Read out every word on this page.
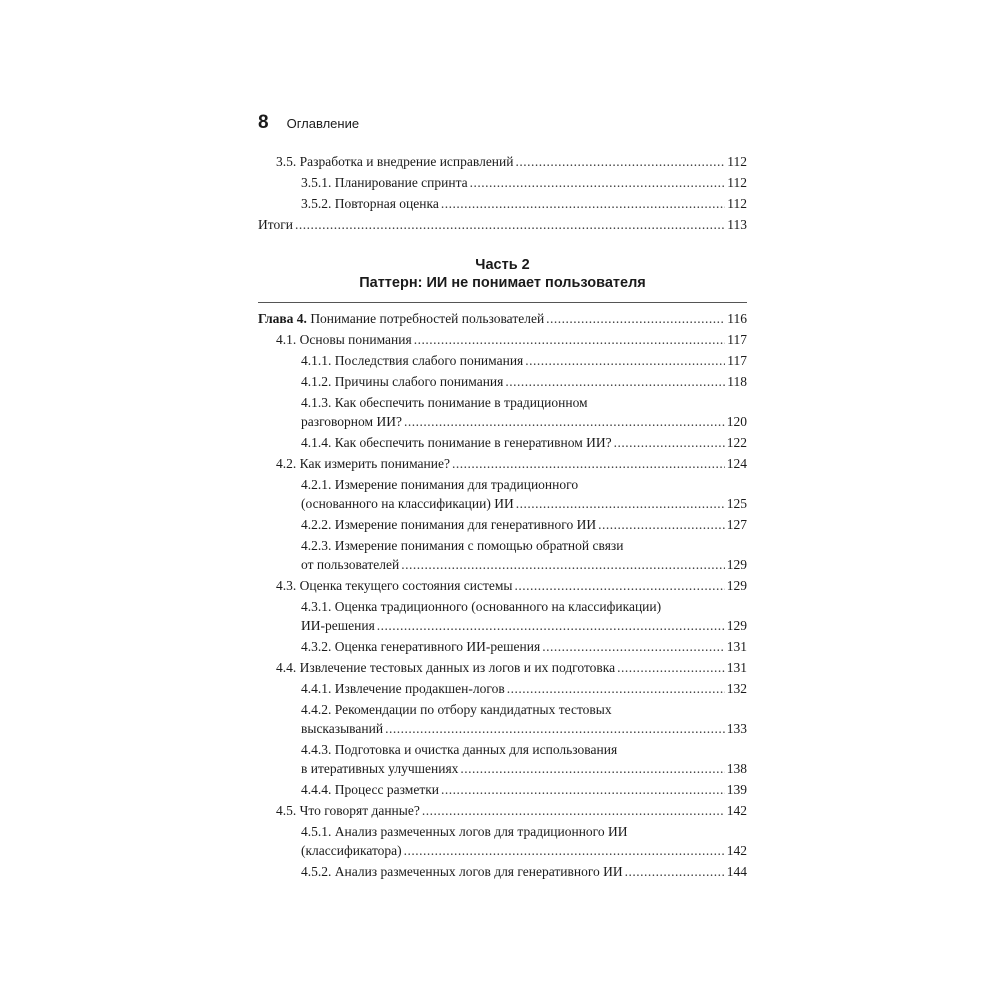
8 Оглавление
3.5. Разработка и внедрение исправлений .....	112
3.5.1. Планирование спринта .....	112
3.5.2. Повторная оценка .....	112
Итоги .....	113
Часть 2
Паттерн: ИИ не понимает пользователя
Глава 4. Понимание потребностей пользователей .....	116
4.1. Основы понимания .....	117
4.1.1. Последствия слабого понимания .....	117
4.1.2. Причины слабого понимания .....	118
4.1.3. Как обеспечить понимание в традиционном
разговорном ИИ? .....	120
4.1.4. Как обеспечить понимание в генеративном ИИ? .....	122
4.2. Как измерить понимание? .....	124
4.2.1. Измерение понимания для традиционного
(основанного на классификации) ИИ .....	125
4.2.2. Измерение понимания для генеративного ИИ .....	127
4.2.3. Измерение понимания с помощью обратной связи
от пользователей .....	129
4.3. Оценка текущего состояния системы .....	129
4.3.1. Оценка традиционного (основанного на классификации)
ИИ-решения .....	129
4.3.2. Оценка генеративного ИИ-решения .....	131
4.4. Извлечение тестовых данных из логов и их подготовка .....	131
4.4.1. Извлечение продакшен-логов .....	132
4.4.2. Рекомендации по отбору кандидатных тестовых
высказываний .....	133
4.4.3. Подготовка и очистка данных для использования
в итеративных улучшениях .....	138
4.4.4. Процесс разметки .....	139
4.5. Что говорят данные? .....	142
4.5.1. Анализ размеченных логов для традиционного ИИ
(классификатора) .....	142
4.5.2. Анализ размеченных логов для генеративного ИИ .....	144
